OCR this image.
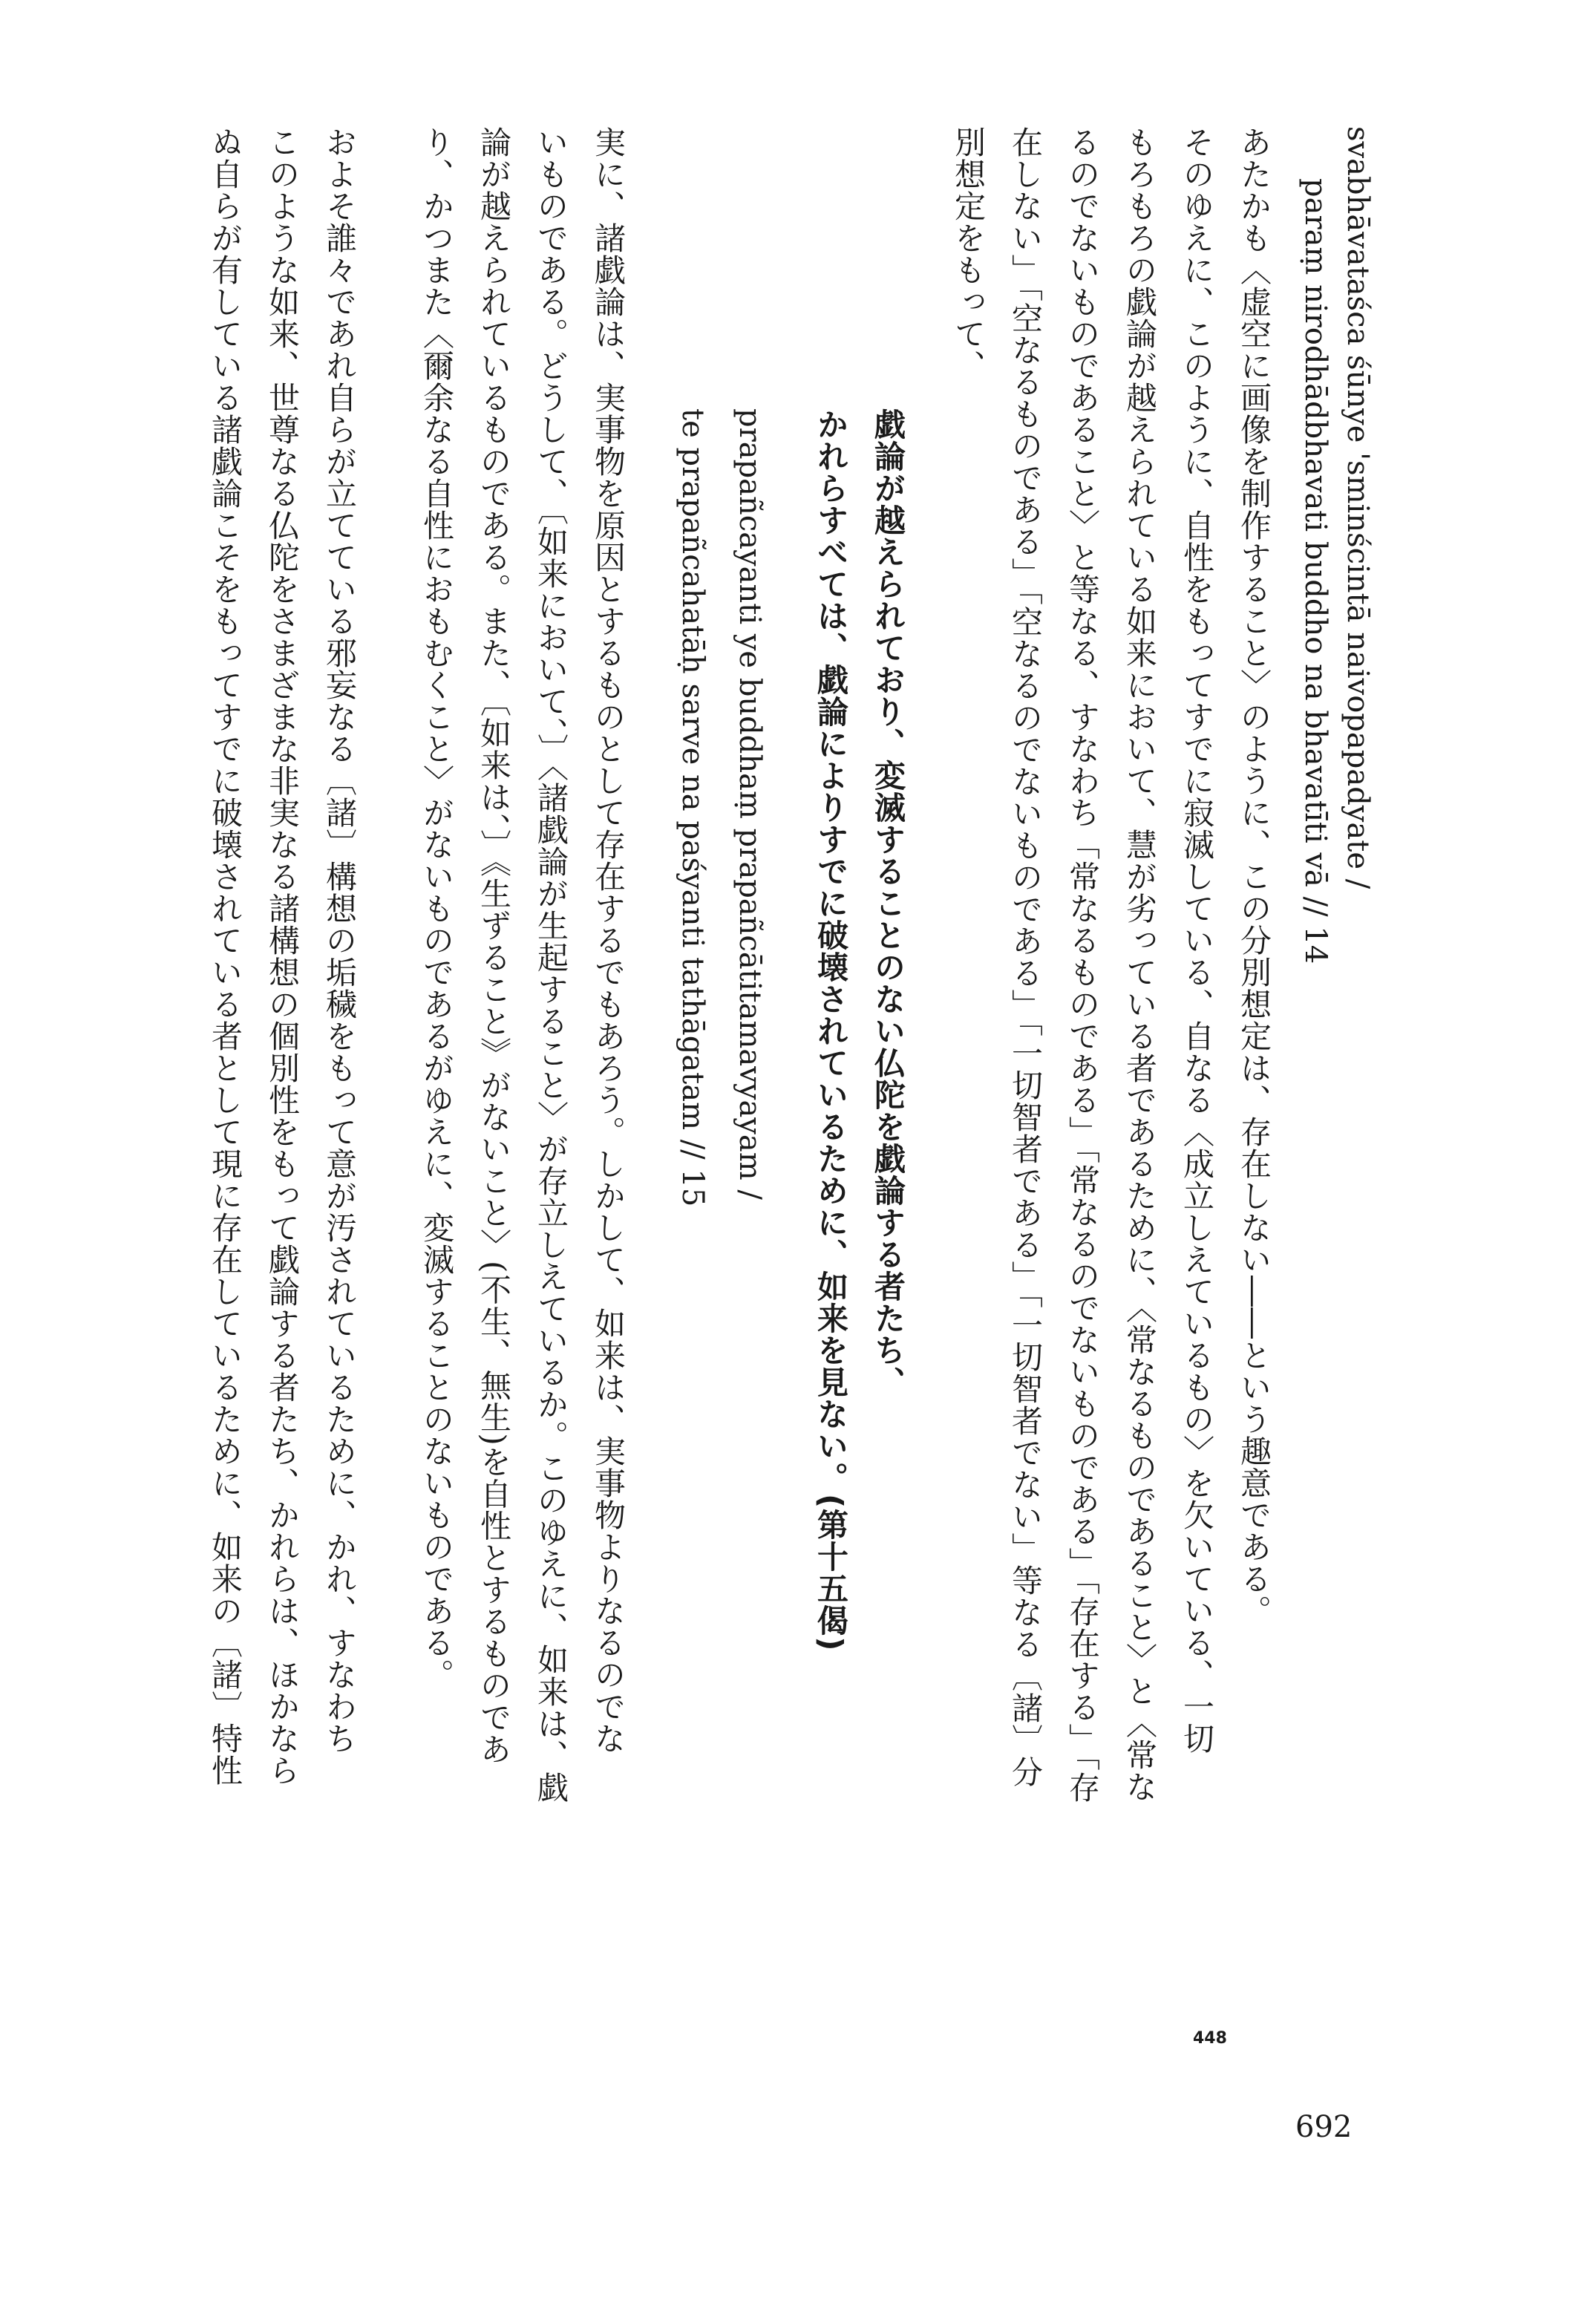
svabhāvataśca śūnye 'sminścintā naivopapadyate /
paraṃ nirodhādbhavati buddho na bhavatīti vā // 14
あたかも〈虚空に画像を制作すること〉のように、この分別想定は、存在しない――という趣意である。
そのゆえに、このように、自性をもってすでに寂滅している、自なる〈成立しえているもの〉を欠いている、一切
もろもろの戯論が越えられている如来において、慧が劣っている者であるために、〈常なるものであること〉と〈常な
るのでないものであること〉と等なる、すなわち「常なるものである」「常なるのでないものである」「存在する」「存
在しない」「空なるものである」「空なるのでないものである」「一切智者である」「一切智者でない」等なる〔諸〕分
別想定をもって、
戯論が越えられており、変滅することのない仏陀を戯論する者たち、
かれらすべては、戯論によりすでに破壊されているために、如来を見ない。(第十五偈)
prapañcayanti ye buddhaṃ prapañcātitamavyayam /
te prapañcahatāḥ sarve na paśyanti tathāgatam // 15
実に、諸戯論は、実事物を原因とするものとして存在するでもあろう。しかして、如来は、実事物よりなるのでな
いものである。どうして、〔如来において、〕〈諸戯論が生起すること〉が存立しえているか。このゆえに、如来は、戯
論が越えられているものである。また、〔如来は、〕《生ずること》がないこと〉(不生、無生)を自性とするものであ
り、かつまた〈爾余なる自性におもむくこと〉がないものであるがゆえに、変滅することのないものである。
およそ誰々であれ自らが立てている邪妄なる〔諸〕構想の垢穢をもって意が汚されているために、かれ、すなわち
このような如来、世尊なる仏陀をさまざまな非実なる諸構想の個別性をもって戯論する者たち、かれらは、ほかなら
ぬ自らが有している諸戯論こそをもってすでに破壊されている者として現に存在しているために、如来の〔諸〕特性
448
692
